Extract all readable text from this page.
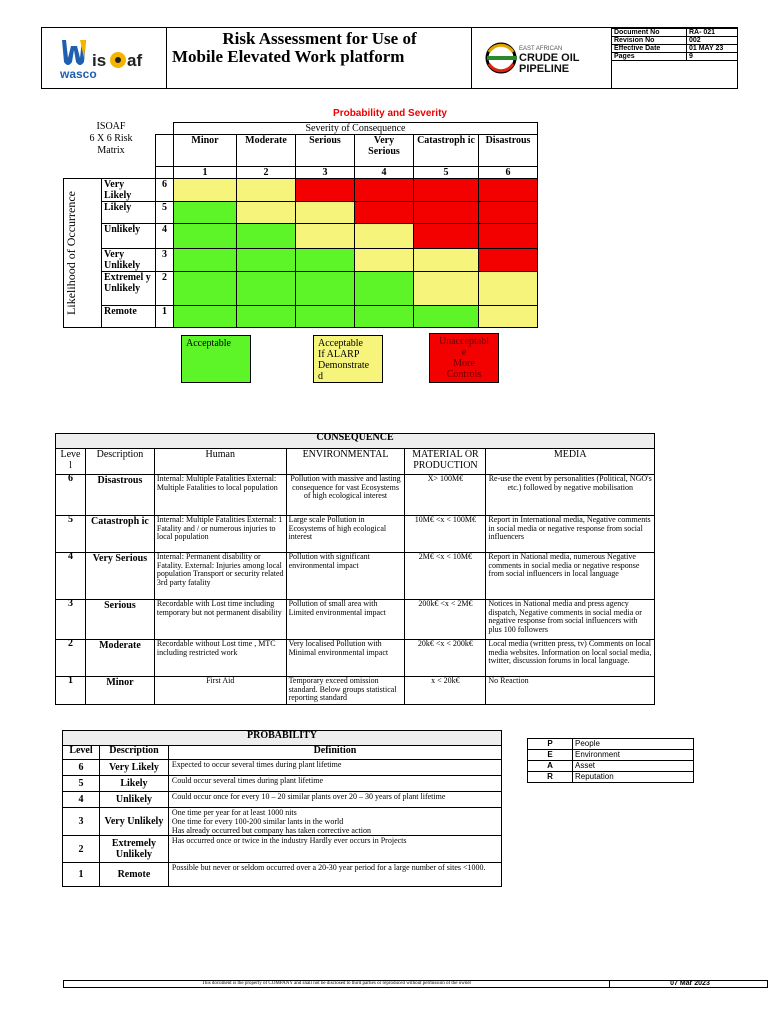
wasco
is af
Risk Assessment for Use of
Mobile Elevated Work platform	EAST AFRICAN
CRUDE OIL
PIPELINE
Document No	RA- 021
Revision No	002
Effective Date	01 MAY 23
Pages	9
Probability and Severity
ISOAF
6 X 6 Risk
Matrix
			Severity of Consequence					
			Minor	Moderate	Serious	Very Serious	Catastroph ic	Disastrous
			1	2	3	4	5	6

Likelihood of Occurrence	Very Likely	6						
	Likely	5						
	Unlikely	4						
	Very Unlikely	3						
	Extremel y Unlikely	2						
	Remote	1						
Acceptable	Acceptable
If ALARP
Demonstrate
d
Unacceptabl
e
More
Controls
CONSEQUENCE					
Leve l	Description	Human	ENVIRONMENTAL	MATERIAL OR PRODUCTION	MEDIA
6	Disastrous	Internal: Multiple Fatalities External: Multiple Fatalities to local population	Pollution with massive and lasting consequence for vast Ecosystems of high ecological interest	X> 100M€	Re-use the event by personalities (Political, NGO's etc.) followed by negative mobilisation
5	Catastroph ic	Internal: Multiple Fatalities External: 1 Fatality and / or numerous injuries to local population	Large scale Pollution in Ecosystems of high ecological interest	10M€ <x < 100M€	Report in International media, Negative comments in social media or negative response from social influencers
4	Very Serious	Internal: Permanent disability or Fatality. External: Injuries among local population Transport or security related 3rd party fatality	Pollution with significant environmental impact	2M€ <x < 10M€	Report in National media, numerous Negative comments in social media or negative response from social influencers in local language
3	Serious	Recordable with Lost time including temporary but not permanent disability	Pollution of small area with Limited environmental impact	200k€ <x < 2M€	Notices in National media and press agency dispatch, Negative comments in social media or negative response from social influencers with plus 100 followers
2	Moderate	Recordable without Lost time , MTC including restricted work	Very localised Pollution with Minimal environmental impact	20k€ <x < 200k€	Local media (written press, tv) Comments on local media websites. Information on local social media, twitter, discussion forums in local language.
1	Minor	First Aid	Temporary exceed omission standard. Below groups statistical reporting standard	x < 20k€	No Reaction
PROBABILITY		
Level	Description	Definition
6	Very Likely	Expected to occur several times during plant lifetime
5	Likely	Could occur several times during plant lifetime
4	Unlikely	Could occur once for every 10 – 20 similar plants over 20 – 30 years of plant lifetime
3	Very Unlikely	One time per year for at least 1000 nits
One time for every 100-200 similar lants in the world
Has already occurred but company has taken corrective action

2	Extremely Unlikely	Has occurred once or twice in the industry Hardly ever occurs in Projects
1	Remote	Possible but never or seldom occurred over a 20-30 year period for a large number of sites <1000.
P	People
E	Environment
A	Asset
R	Reputation
This document is the property of COMPANY and shall not be disclosed to third parties or reproduced without permission of the owner	07 Mar 2023
